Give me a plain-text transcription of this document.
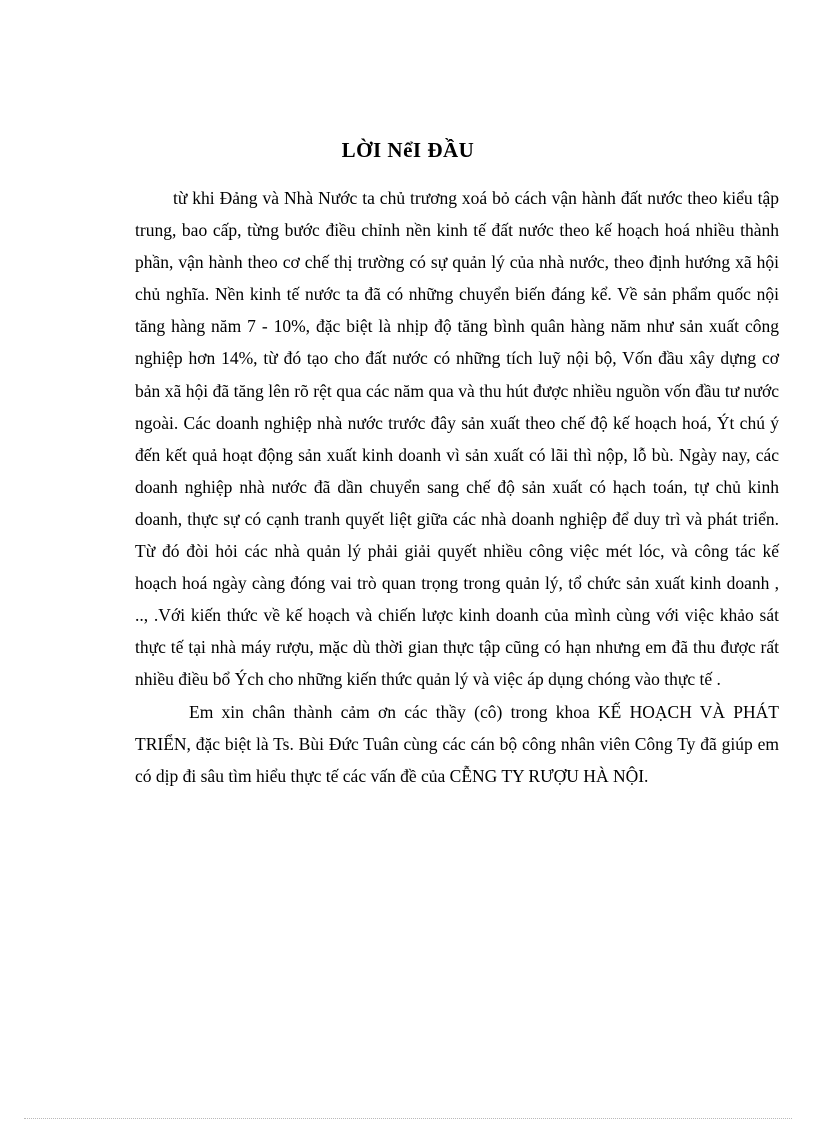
LỜI NểI ĐẦU

từ khi Đảng và Nhà Nước ta chủ trương xoá bỏ cách vận hành đất nước theo kiểu tập trung, bao cấp, từng bước điều chỉnh nền kinh tế đất nước theo kế hoạch hoá nhiều thành phần, vận hành theo cơ chế thị trường có sự quản lý của nhà nước, theo định hướng xã hội chủ nghĩa. Nền kinh tế nước ta đã có những chuyển biến đáng kể. Về sản phẩm quốc nội tăng hàng năm 7 - 10%, đặc biệt là nhịp độ tăng bình quân hàng năm như sản xuất công nghiệp hơn 14%, từ đó tạo cho đất nước có những tích luỹ nội bộ, Vốn đầu xây dựng cơ bản xã hội đã tăng lên rõ rệt qua các năm qua và thu hút được nhiều nguồn vốn đầu tư nước ngoài. Các doanh nghiệp nhà nước trước đây sản xuất theo chế độ kế hoạch hoá, Ýt chú ý đến kết quả hoạt động sản xuất kinh doanh vì sản xuất có lãi thì nộp, lỗ bù. Ngày nay, các doanh nghiệp nhà nước đã dần chuyển sang chế độ sản xuất có hạch toán, tự chủ kinh doanh, thực sự có cạnh tranh quyết liệt giữa các nhà doanh nghiệp để duy trì và phát triển. Từ đó đòi hỏi các nhà quản lý phải giải quyết nhiều công việc mét lóc, và công tác kế hoạch hoá ngày càng đóng vai trò quan trọng trong quản lý, tổ chức sản xuất kinh doanh , .., .Với kiến thức về kế hoạch và chiến lược kinh doanh của mình cùng với việc khảo sát thực tế tại nhà máy rượu, mặc dù thời gian thực tập cũng có hạn nhưng em đã thu được rất nhiều điều bổ Ých cho những kiến thức quản lý và việc áp dụng chóng vào thực tế .

Em xin chân thành cảm ơn các thầy (cô) trong khoa KẾ HOẠCH VÀ PHÁT TRIỂN, đặc biệt là Ts. Bùi Đức Tuân cùng các cán bộ công nhân viên Công Ty đã giúp em có dịp đi sâu tìm hiểu thực tế các vấn đề của CỄNG TY RƯỢU HÀ NỘI.
